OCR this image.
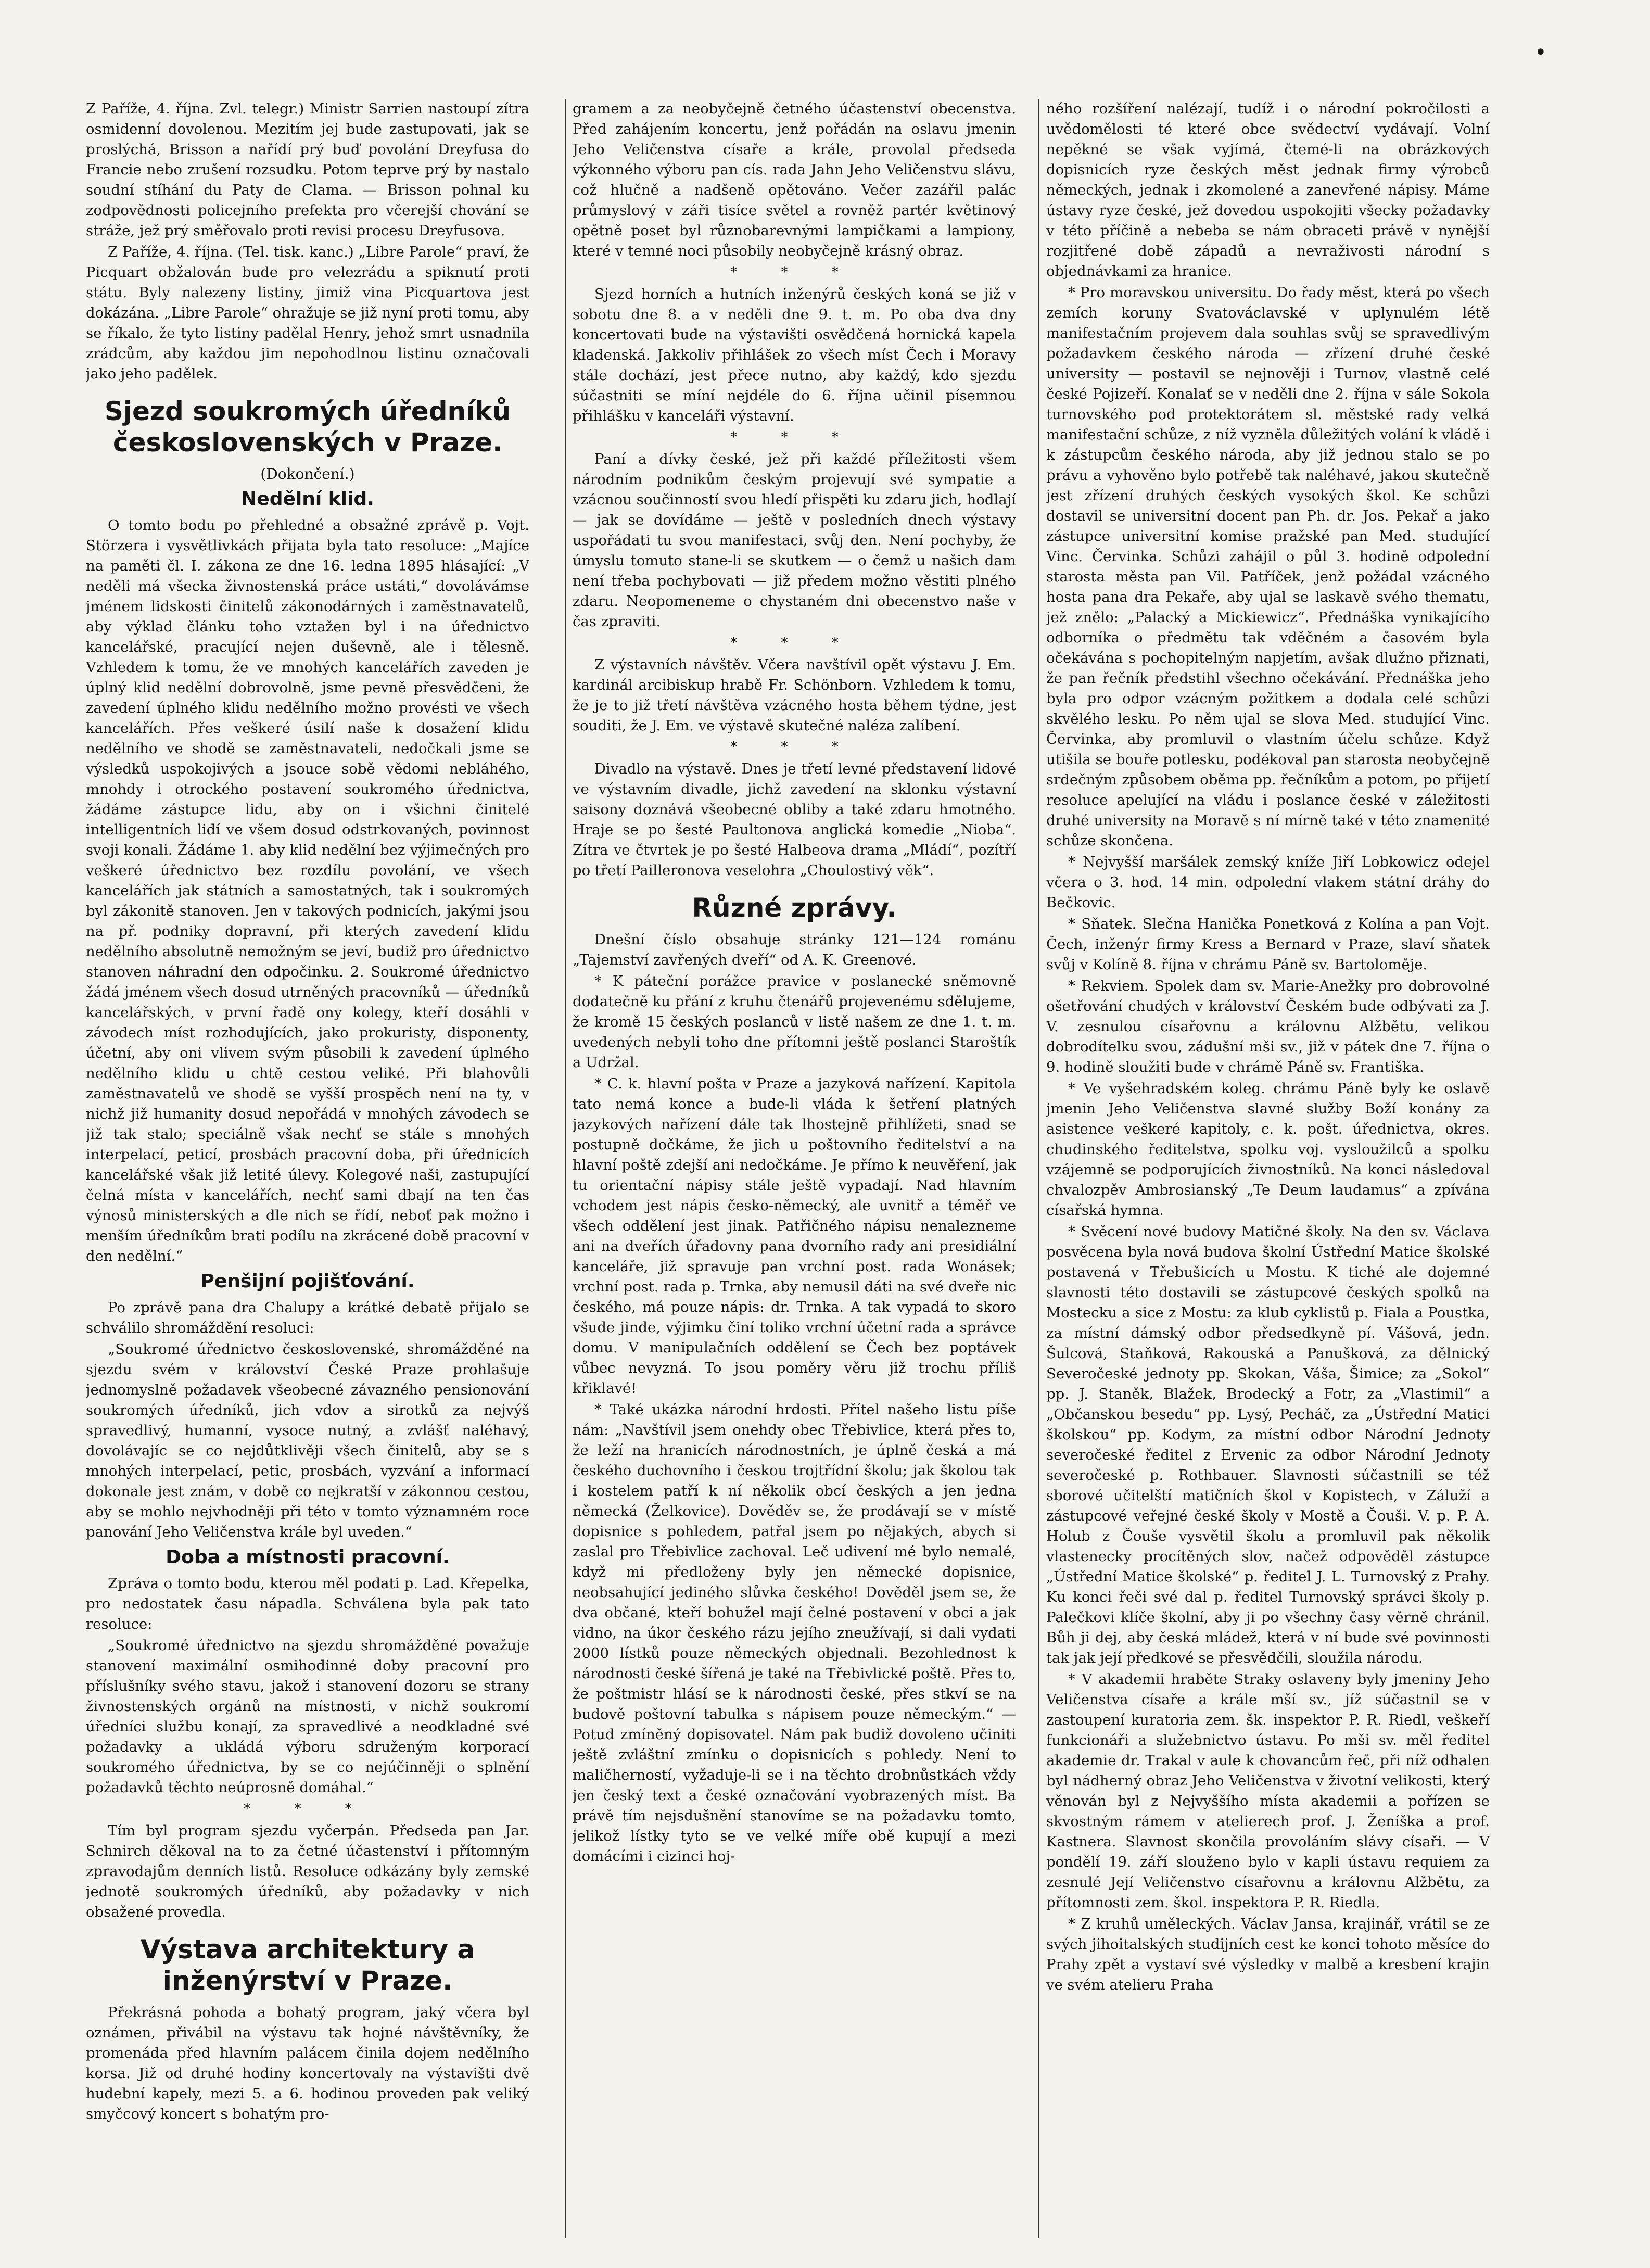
•

Z Paříže, 4. října. Zvl. telegr.) Ministr Sarrien nastoupí zítra osmidenní dovolenou. Mezitím jej bude zastupovati, jak se proslýchá, Brisson a nařídí prý buď povolání Dreyfusa do Francie nebo zrušení rozsudku. Potom teprve prý by nastalo soudní stíhání du Paty de Clama. — Brisson pohnal ku zodpovědnosti policejního prefekta pro včerejší chování se stráže, jež prý směřovalo proti revisi procesu Dreyfusova.

Z Paříže, 4. října. (Tel. tisk. kanc.) „Libre Parole“ praví, že Picquart obžalován bude pro velezrádu a spiknutí proti státu. Byly nalezeny listiny, jimiž vina Picquartova jest dokázána. „Libre Parole“ ohražuje se již nyní proti tomu, aby se říkalo, že tyto listiny padělal Henry, jehož smrt usnadnila zrádcům, aby každou jim nepohodlnou listinu označovali jako jeho padělek.

Sjezd soukromých úředníků československých v Praze.
(Dokončení.)
Nedělní klid.

O tomto bodu po přehledné a obsažné zprávě p. Vojt. Störzera i vysvětlivkách přijata byla tato resoluce: „Majíce na paměti čl. I. zákona ze dne 16. ledna 1895 hlásající: „V neděli má všecka živnostenská práce ustáti,“ dovolávámse jménem lidskosti činitelů zákonodárných i zaměstnavatelů, aby výklad článku toho vztažen byl i na úřednictvo kancelářské, pracující nejen duševně, ale i tělesně. Vzhledem k tomu, že ve mnohých kancelářích zaveden je úplný klid nedělní dobrovolně, jsme pevně přesvědčeni, že zavedení úplného klidu nedělního možno provésti ve všech kancelářích. Přes veškeré úsilí naše k dosažení klidu nedělního ve shodě se zaměstnavateli, nedočkali jsme se výsledků uspokojivých a jsouce sobě vědomi nebláhého, mnohdy i otrockého postavení soukromého úřednictva, žádáme zástupce lidu, aby on i všichni činitelé intelligentních lidí ve všem dosud odstrkovaných, povinnost svoji konali. Žádáme 1. aby klid nedělní bez výjimečných pro veškeré úřednictvo bez rozdílu povolání, ve všech kancelářích jak státních a samostatných, tak i soukromých byl zákonitě stanoven. Jen v takových podnicích, jakými jsou na př. podniky dopravní, při kterých zavedení klidu nedělního absolutně nemožným se jeví, budiž pro úřednictvo stanoven náhradní den odpočinku. 2. Soukromé úřednictvo žádá jménem všech dosud utrněných pracovníků — úředníků kancelářských, v první řadě ony kolegy, kteří dosáhli v závodech míst rozhodujících, jako prokuristy, disponenty, účetní, aby oni vlivem svým působili k zavedení úplného nedělního klidu u chtě cestou veliké. Při blahovůli zaměstnavatelů ve shodě se vyšší prospěch není na ty, v nichž již humanity dosud nepořádá v mnohých závodech se již tak stalo; speciálně však nechť se stále s mnohých interpelací, peticí, prosbách pracovní doba, při úřednicích kancelářské však již letité úlevy. Kolegové naši, zastupující čelná místa v kancelářích, nechť sami dbají na ten čas výnosů ministerských a dle nich se řídí, neboť pak možno i menším úředníkům brati podílu na zkrácené době pracovní v den nedělní.“

Penšijní pojišťování.

Po zprávě pana dra Chalupy a krátké debatě přijalo se schválilo shromáždění resoluci:

„Soukromé úřednictvo československé, shromážděné na sjezdu svém v království České Praze prohlašuje jednomyslně požadavek všeobecné závazného pensionování soukromých úředníků, jich vdov a sirotků za nejvýš spravedlivý, humanní, vysoce nutný, a zvlášť naléhavý, dovolávajíc se co nejdůtklivěji všech činitelů, aby se s mnohých interpelací, petic, prosbách, vyzvání a informací dokonale jest znám, v době co nejkratší v zákonnou cestou, aby se mohlo nejvhodněji při této v tomto významném roce panování Jeho Veličenstva krále byl uveden.“

Doba a místnosti pracovní.

Zpráva o tomto bodu, kterou měl podati p. Lad. Křepelka, pro nedostatek času nápadla. Schválena byla pak tato resoluce:

„Soukromé úřednictvo na sjezdu shromážděné považuje stanovení maximální osmihodinné doby pracovní pro příslušníky svého stavu, jakož i stanovení dozoru se strany živnostenských orgánů na místnosti, v nichž soukromí úředníci službu konají, za spravedlivé a neodkladné své požadavky a ukládá výboru sdruženým korporací soukromého úřednictva, by se co nejúčinněji o splnění požadavků těchto neúprosně domáhal.“

* * *

Tím byl program sjezdu vyčerpán. Předseda pan Jar. Schnirch děkoval na to za četné účastenství i přítomným zpravodajům denních listů. Resoluce odkázány byly zemské jednotě soukromých úředníků, aby požadavky v nich obsažené provedla.

Výstava architektury a inženýrství v Praze.

Překrásná pohoda a bohatý program, jaký včera byl oznámen, přivábil na výstavu tak hojné návštěvníky, že promenáda před hlavním palácem činila dojem nedělního korsa. Již od druhé hodiny koncertovaly na výstavišti dvě hudební kapely, mezi 5. a 6. hodinou proveden pak veliký smyčcový koncert s bohatým pro-

gramem a za neobyčejně četného účastenství obecenstva. Před zahájením koncertu, jenž pořádán na oslavu jmenin Jeho Veličenstva císaře a krále, provolal předseda výkonného výboru pan cís. rada Jahn Jeho Veličenstvu slávu, což hlučně a nadšeně opětováno. Večer zazářil palác průmyslový v záři tisíce světel a rovněž partér květinový opětně poset byl různobarevnými lampičkami a lampiony, které v temné noci působily neobyčejně krásný obraz.

* * *

Sjezd horních a hutních inženýrů českých koná se již v sobotu dne 8. a v neděli dne 9. t. m. Po oba dva dny koncertovati bude na výstavišti osvědčená hornická kapela kladenská. Jakkoliv přihlášek zo všech míst Čech i Moravy stále dochází, jest přece nutno, aby každý, kdo sjezdu súčastniti se míní nejdéle do 6. října učinil písemnou přihlášku v kanceláři výstavní.

* * *

Paní a dívky české, jež při každé příležitosti všem národním podnikům českým projevují své sympatie a vzácnou součinností svou hledí přispěti ku zdaru jich, hodlají — jak se dovídáme — ještě v posledních dnech výstavy uspořádati tu svou manifestaci, svůj den. Není pochyby, že úmyslu tomuto stane-li se skutkem — o čemž u našich dam není třeba pochybovati — již předem možno věstiti plného zdaru. Neopomeneme o chystaném dni obecenstvo naše v čas zpraviti.

* * *

Z výstavních návštěv. Včera navštívil opět výstavu J. Em. kardinál arcibiskup hrabě Fr. Schönborn. Vzhledem k tomu, že je to již třetí návštěva vzácného hosta během týdne, jest souditi, že J. Em. ve výstavě skutečné naléza zalíbení.

* * *

Divadlo na výstavě. Dnes je třetí levné představení lidové ve výstavním divadle, jichž zavedení na sklonku výstavní saisony doznává všeobecné obliby a také zdaru hmotného. Hraje se po šesté Paultonova anglická komedie „Nioba“. Zítra ve čtvrtek je po šesté Halbeova drama „Mládí“, pozítří po třetí Pailleronova veselohra „Choulostivý věk“.

Různé zprávy.

Dnešní číslo obsahuje stránky 121—124 románu „Tajemství zavřených dveří“ od A. K. Greenové.

* K páteční porážce pravice v poslanecké sněmovně dodatečně ku přání z kruhu čtenářů projevenému sdělujeme, že kromě 15 českých poslanců v listě našem ze dne 1. t. m. uvedených nebyli toho dne přítomni ještě poslanci Staroštík a Udržal.

* C. k. hlavní pošta v Praze a jazyková nařízení. Kapitola tato nemá konce a bude-li vláda k šetření platných jazykových nařízení dále tak lhostejně přihlížeti, snad se postupně dočkáme, že jich u poštovního ředitelství a na hlavní poště zdejší ani nedočkáme. Je přímo k neuvěření, jak tu orientační nápisy stále ještě vypadají. Nad hlavním vchodem jest nápis česko-německý, ale uvnitř a téměř ve všech oddělení jest jinak. Patřičného nápisu nenalezneme ani na dveřích úřadovny pana dvorního rady ani presidiální kanceláře, již spravuje pan vrchní post. rada Wonásek; vrchní post. rada p. Trnka, aby nemusil dáti na své dveře nic českého, má pouze nápis: dr. Trnka. A tak vypadá to skoro všude jinde, výjimku činí toliko vrchní účetní rada a správce domu. V manipulačních oddělení se Čech bez poptávek vůbec nevyzná. To jsou poměry věru již trochu příliš křiklavé!

* Také ukázka národní hrdosti. Přítel našeho listu píše nám: „Navštívil jsem onehdy obec Třebivlice, která přes to, že leží na hranicích národnostních, je úplně česká a má českého duchovního i českou trojtřídní školu; jak školou tak i kostelem patří k ní několik obcí českých a jen jedna německá (Želkovice). Dověděv se, že prodávají se v místě dopisnice s pohledem, patřal jsem po nějakých, abych si zaslal pro Třebivlice zachoval. Leč udivení mé bylo nemalé, když mi předloženy byly jen německé dopisnice, neobsahující jediného slůvka českého! Dověděl jsem se, že dva občané, kteří bohužel mají čelné postavení v obci a jak vidno, na úkor českého rázu jejího zneužívají, si dali vydati 2000 lístků pouze německých objednali. Bezohlednost k národnosti české šířená je také na Třebivlické poště. Přes to, že poštmistr hlásí se k národnosti české, přes stkví se na budově poštovní tabulka s nápisem pouze německým.“ — Potud zmíněný dopisovatel. Nám pak budiž dovoleno učiniti ještě zvláštní zmínku o dopisnicích s pohledy. Není to maličherností, vyžaduje-li se i na těchto drobnůstkách vždy jen český text a české označování vyobrazených míst. Ba právě tím nejsdušnění stanovíme se na požadavku tomto, jelikož lístky tyto se ve velké míře obě kupují a mezi domácími i cizinci hoj-

ného rozšíření nalézají, tudíž i o národní pokročilosti a uvědomělosti té které obce svědectví vydávají. Volní nepěkné se však vyjímá, čtemé-li na obrázkových dopisnicích ryze českých měst jednak firmy výrobců německých, jednak i zkomolené a zanevřené nápisy. Máme ústavy ryze české, jež dovedou uspokojiti všecky požadavky v této příčině a nebeba se nám obraceti právě v nynější rozjitřené době západů a nevraživosti národní s objednávkami za hranice.

* Pro moravskou universitu. Do řady měst, která po všech zemích koruny Svatováclavské v uplynulém létě manifestačním projevem dala souhlas svůj se spravedlivým požadavkem českého národa — zřízení druhé české university — postavil se nejnověji i Turnov, vlastně celé české Pojizeří. Konalať se v neděli dne 2. října v sále Sokola turnovského pod protektorátem sl. městské rady velká manifestační schůze, z níž vyzněla důležitých volání k vládě i k zástupcům českého národa, aby již jednou stalo se po právu a vyhověno bylo potřebě tak naléhavé, jakou skutečně jest zřízení druhých českých vysokých škol. Ke schůzi dostavil se universitní docent pan Ph. dr. Jos. Pekař a jako zástupce universitní komise pražské pan Med. studující Vinc. Červinka. Schůzi zahájil o půl 3. hodině odpolední starosta města pan Vil. Patříček, jenž požádal vzácného hosta pana dra Pekaře, aby ujal se laskavě svého thematu, jež znělo: „Palacký a Mickiewicz“. Přednáška vynikajícího odborníka o předmětu tak vděčném a časovém byla očekávána s pochopitelným napjetím, avšak dlužno přiznati, že pan řečník předstihl všechno očekávání. Přednáška jeho byla pro odpor vzácným požitkem a dodala celé schůzi skvělého lesku. Po něm ujal se slova Med. studující Vinc. Červinka, aby promluvil o vlastním účelu schůze. Když utišila se bouře potlesku, podékoval pan starosta neobyčejně srdečným způsobem oběma pp. řečníkům a potom, po přijetí resoluce apelující na vládu i poslance české v záležitosti druhé university na Moravě s ní mírně také v této znamenité schůze skončena.

* Nejvyšší maršálek zemský kníže Jiří Lobkowicz odejel včera o 3. hod. 14 min. odpolední vlakem státní dráhy do Bečkovic.

* Sňatek. Slečna Hanička Ponetková z Kolína a pan Vojt. Čech, inženýr firmy Kress a Bernard v Praze, slaví sňatek svůj v Kolíně 8. října v chrámu Páně sv. Bartoloměje.

* Rekviem. Spolek dam sv. Marie-Anežky pro dobrovolné ošetřování chudých v království Českém bude odbývati za J. V. zesnulou císařovnu a královnu Alžbětu, velikou dobrodítelku svou, zádušní mši sv., již v pátek dne 7. října o 9. hodině sloužiti bude v chrámě Páně sv. Františka.

* Ve vyšehradském koleg. chrámu Páně byly ke oslavě jmenin Jeho Veličenstva slavné služby Boží konány za asistence veškeré kapitoly, c. k. pošt. úřednictva, okres. chudinského ředitelstva, spolku voj. vysloužilců a spolku vzájemně se podporujících živnostníků. Na konci následoval chvalozpěv Ambrosianský „Te Deum laudamus“ a zpívána císařská hymna.

* Svěcení nové budovy Matičné školy. Na den sv. Václava posvěcena byla nová budova školní Ústřední Matice školské postavená v Třebušicích u Mostu. K tiché ale dojemné slavnosti této dostavili se zástupcové českých spolků na Mostecku a sice z Mostu: za klub cyklistů p. Fiala a Poustka, za místní dámský odbor předsedkyně pí. Vášová, jedn. Šulcová, Staňková, Rakouská a Panušková, za dělnický Severočeské jednoty pp. Skokan, Váša, Šimice; za „Sokol“ pp. J. Staněk, Blažek, Brodecký a Fotr, za „Vlastimil“ a „Občanskou besedu“ pp. Lysý, Pecháč, za „Ústřední Matici školskou“ pp. Kodym, za místní odbor Národní Jednoty severočeské ředitel z Ervenic za odbor Národní Jednoty severočeské p. Rothbauer. Slavnosti súčastnili se též sborové učitelští matičních škol v Kopistech, v Záluží a zástupcové veřejné české školy v Mostě a Čouši. V. p. P. A. Holub z Čouše vysvětil školu a promluvil pak několik vlastenecky procítěných slov, načež odpověděl zástupce „Ústřední Matice školské“ p. ředitel J. L. Turnovský z Prahy. Ku konci řeči své dal p. ředitel Turnovský správci školy p. Palečkovi klíče školní, aby ji po všechny časy věrně chránil. Bůh ji dej, aby česká mládež, která v ní bude své povinnosti tak jak její předkové se přesvědčili, sloužila národu.

* V akademii hraběte Straky oslaveny byly jmeniny Jeho Veličenstva císaře a krále mší sv., jíž súčastnil se v zastoupení kuratoria zem. šk. inspektor P. R. Riedl, veškeří funkcionáři a služebnictvo ústavu. Po mši sv. měl ředitel akademie dr. Trakal v aule k chovancům řeč, při níž odhalen byl nádherný obraz Jeho Veličenstva v životní velikosti, který věnován byl z Nejvyššího místa akademii a pořízen se skvostným rámem v atelierech prof. J. Ženíška a prof. Kastnera. Slavnost skončila provoláním slávy císaři. — V pondělí 19. září slouženo bylo v kapli ústavu requiem za zesnulé Její Veličenstvo císařovnu a královnu Alžbětu, za přítomnosti zem. škol. inspektora P. R. Riedla.

* Z kruhů uměleckých. Václav Jansa, krajinář, vrátil se ze svých jihoitalských studijních cest ke konci tohoto měsíce do Prahy zpět a vystaví své výsledky v malbě a kresbení krajin ve svém atelieru Praha
